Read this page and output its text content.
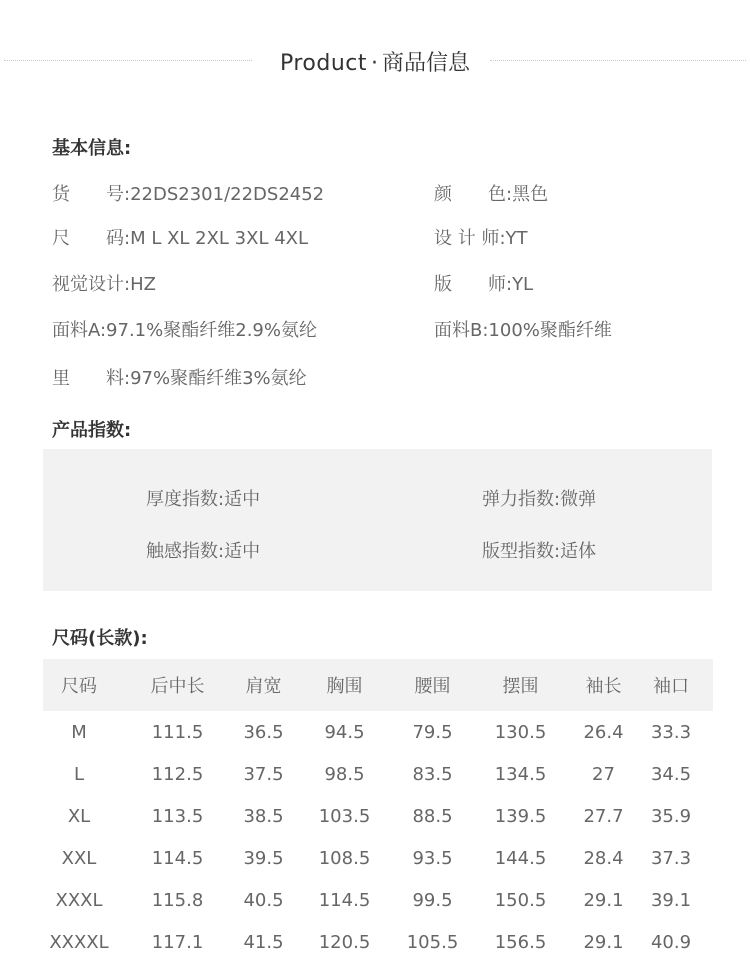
Product · 商品信息
基本信息:
货　　号:22DS2301/22DS2452	颜　　色:黑色
尺　　码:M L XL 2XL 3XL 4XL	设 计 师:YT
视觉设计:HZ	版　　师:YL
面料A:97.1%聚酯纤维2.9%氨纶	面料B:100%聚酯纤维
里　　料:97%聚酯纤维3%氨纶
产品指数:
厚度指数:适中	弹力指数:微弹
触感指数:适中	版型指数:适体
尺码(长款):
尺码	后中长	肩宽	胸围	腰围	摆围	袖长	袖口
M	111.5	36.5	94.5	79.5	130.5	26.4	33.3
L	112.5	37.5	98.5	83.5	134.5	27	34.5
XL	113.5	38.5	103.5	88.5	139.5	27.7	35.9
XXL	114.5	39.5	108.5	93.5	144.5	28.4	37.3
XXXL	115.8	40.5	114.5	99.5	150.5	29.1	39.1
XXXXL	117.1	41.5	120.5	105.5	156.5	29.1	40.9
